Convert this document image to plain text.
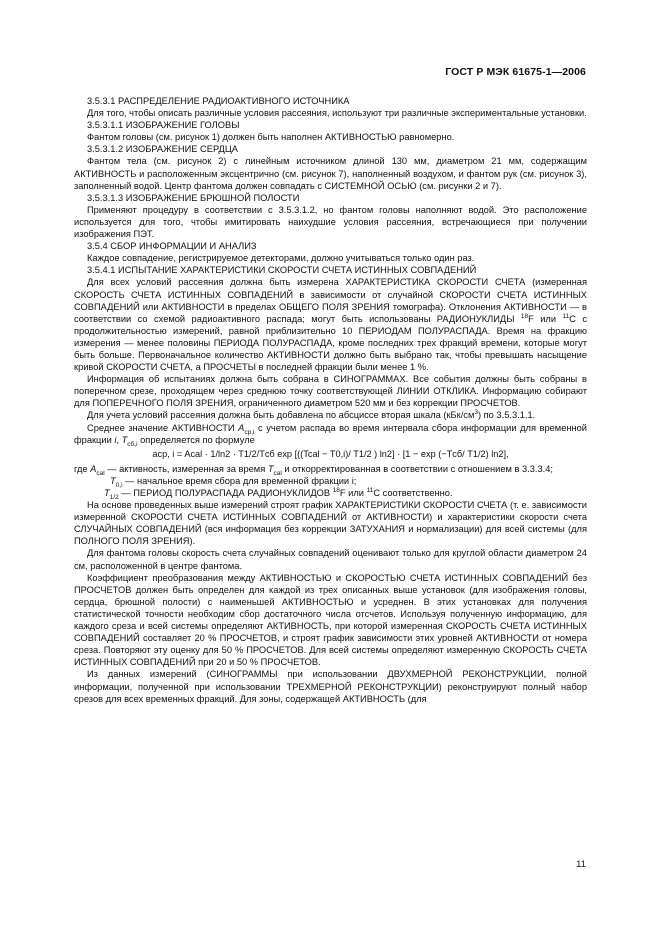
ГОСТ Р МЭК 61675-1—2006

3.5.3.1 РАСПРЕДЕЛЕНИЕ РАДИОАКТИВНОГО ИСТОЧНИКА

Для того, чтобы описать различные условия рассеяния, используют три различные экспериментальные установки.

3.5.3.1.1 ИЗОБРАЖЕНИЕ ГОЛОВЫ

Фантом головы (см. рисунок 1) должен быть наполнен АКТИВНОСТЬЮ равномерно.

3.5.3.1.2 ИЗОБРАЖЕНИЕ СЕРДЦА

Фантом тела (см. рисунок 2) с линейным источником длиной 130 мм, диаметром 21 мм, содержащим АКТИВНОСТЬ и расположенным эксцентрично (см. рисунок 7), наполненный воздухом, и фантом рук (см. рисунок 3), заполненный водой. Центр фантома должен совпадать с СИСТЕМНОЙ ОСЬЮ (см. рисунки 2 и 7).

3.5.3.1.3 ИЗОБРАЖЕНИЕ БРЮШНОЙ ПОЛОСТИ

Применяют процедуру в соответствии с 3.5.3.1.2, но фантом головы наполняют водой. Это расположение используется для того, чтобы имитировать наихудшие условия рассеяния, встречающиеся при получении изображения ПЭТ.

3.5.4 СБОР ИНФОРМАЦИИ И АНАЛИЗ

Каждое совпадение, регистрируемое детекторами, должно учитываться только один раз.

3.5.4.1 ИСПЫТАНИЕ ХАРАКТЕРИСТИКИ СКОРОСТИ СЧЕТА ИСТИННЫХ СОВПАДЕНИЙ

Для всех условий рассеяния должна быть измерена ХАРАКТЕРИСТИКА СКОРОСТИ СЧЕТА (измеренная СКОРОСТЬ СЧЕТА ИСТИННЫХ СОВПАДЕНИЙ в зависимости от случайной СКОРОСТИ СЧЕТА ИСТИННЫХ СОВПАДЕНИЙ или АКТИВНОСТИ в пределах ОБЩЕГО ПОЛЯ ЗРЕНИЯ томографа). Отклонения АКТИВНОСТИ — в соответствии со схемой радиоактивного распада; могут быть использованы РАДИОНУКЛИДЫ $^{18}$F или $^{11}$C с продолжительностью измерений, равной приблизительно 10 ПЕРИОДАМ ПОЛУРАСПАДА. Время на фракцию измерения — менее половины ПЕРИОДА ПОЛУРАСПАДА, кроме последних трех фракций времени, которые могут быть больше. Первоначальное количество АКТИВНОСТИ должно быть выбрано так, чтобы превышать насыщение кривой СКОРОСТИ СЧЕТА, а ПРОСЧЕТЫ в последней фракции были менее 1 %.

Информация об испытаниях должна быть собрана в СИНОГРАММАХ. Все события должны быть собраны в поперечном срезе, проходящем через среднюю точку соответствующей ЛИНИИ ОТКЛИКА. Информацию собирают для ПОПЕРЕЧНОГО ПОЛЯ ЗРЕНИЯ, ограниченного диаметром 520 мм и без коррекции ПРОСЧЕТОВ.

Для учета условий рассеяния должна быть добавлена по абсциссе вторая шкала $(кБк/см^3)$ по 3.5.3.1.1.

Среднее значение АКТИВНОСТИ $A_{cp,i}$ с учетом распада во время интервала сбора информации для временной фракции i, $T_{сб,i}$ определяется по формуле

aср, i = Acal · 1/ln2 · T1/2/Tсб exp [((Tcal − T0,i)/ T1/2 ) ln2] · [1 − exp (−Tсб/ T1/2) ln2],

где $A_{cal}$ — активность, измеренная за время $T_{cal}$ и откорректированная в соответствии с отношением в 3.3.3.4;

$T_{0,i}$ — начальное время сбора для временной фракции i;

$T_{1/2}$ — ПЕРИОД ПОЛУРАСПАДА РАДИОНУКЛИДОВ $^{18}$F или $^{11}$C соответственно.

На основе проведенных выше измерений строят график ХАРАКТЕРИСТИКИ СКОРОСТИ СЧЕТА (т. е. зависимости измеренной СКОРОСТИ СЧЕТА ИСТИННЫХ СОВПАДЕНИЙ от АКТИВНОСТИ) и характеристики скорости счета СЛУЧАЙНЫХ СОВПАДЕНИЙ (вся информация без коррекции ЗАТУХАНИЯ и нормализации) для всей системы (для ПОЛНОГО ПОЛЯ ЗРЕНИЯ).

Для фантома головы скорость счета случайных совпадений оценивают только для круглой области диаметром 24 см, расположенной в центре фантома.

Коэффициент преобразования между АКТИВНОСТЬЮ и СКОРОСТЬЮ СЧЕТА ИСТИННЫХ СОВПАДЕНИЙ без ПРОСЧЕТОВ должен быть определен для каждой из трех описанных выше установок (для изображения головы, сердца, брюшной полости) с наименьшей АКТИВНОСТЬЮ и усреднен. В этих установках для получения статистической точности необходим сбор достаточного числа отсчетов. Используя полученную информацию, для каждого среза и всей системы определяют АКТИВНОСТЬ, при которой измеренная СКОРОСТЬ СЧЕТА ИСТИННЫХ СОВПАДЕНИЙ составляет 20 % ПРОСЧЕТОВ, и строят график зависимости этих уровней АКТИВНОСТИ от номера среза. Повторяют эту оценку для 50 % ПРОСЧЕТОВ. Для всей системы определяют измеренную СКОРОСТЬ СЧЕТА ИСТИННЫХ СОВПАДЕНИЙ при 20 и 50 % ПРОСЧЕТОВ.

Из данных измерений (СИНОГРАММЫ при использовании ДВУХМЕРНОЙ РЕКОНСТРУКЦИИ, полной информации, полученной при использовании ТРЕХМЕРНОЙ РЕКОНСТРУКЦИИ) реконструируют полный набор срезов для всех временных фракций. Для зоны, содержащей АКТИВНОСТЬ (для

11
